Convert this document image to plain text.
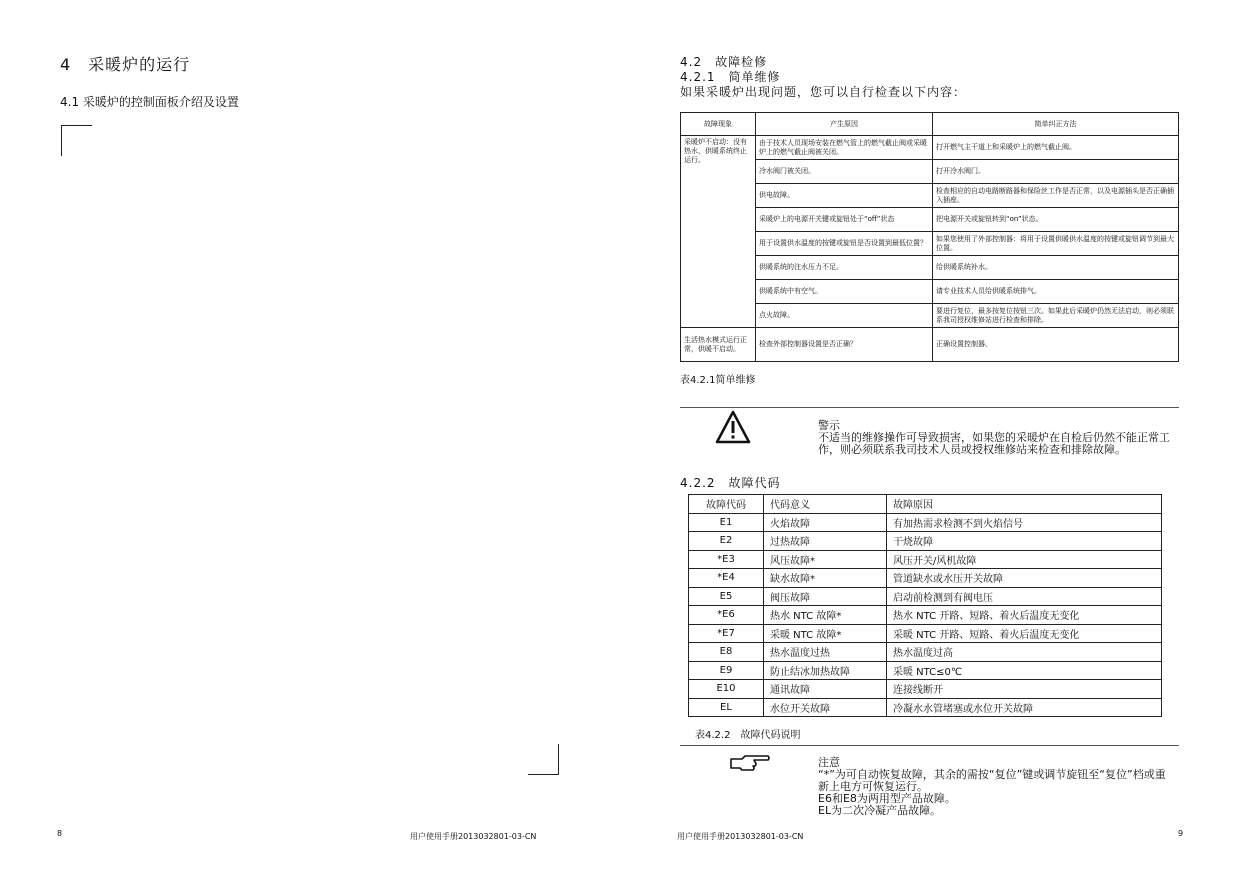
4　采暖炉的运行
4.1 采暖炉的控制面板介绍及设置
8	用户使用手册2013032801-03-CN
4.2　故障检修
4.2.1　简单维修
如果采暖炉出现问题，您可以自行检查以下内容：
故障现象	产生原因	简单纠正方法
采暖炉不启动：没有热水，供暖系统终止运行。	由于技术人员现场安装在燃气管上的燃气截止阀或采暖炉上的燃气截止阀被关闭。	打开燃气主干道上和采暖炉上的燃气截止阀。
	冷水阀门被关闭。	打开冷水阀门。
	供电故障。	检查相应的自动电路断路器和保险丝工作是否正常，以及电源插头是否正确插入插座。
	采暖炉上的电源开关键或旋钮处于“off”状态	把电源开关或旋钮转到“on”状态。
	用于设置供水温度的按键或旋钮是否设置到最低位置？	如果您使用了外部控制器：将用于设置供暖供水温度的按键或旋钮调节到最大位置。
	供暖系统的注水压力不足。	给供暖系统补水。
	供暖系统中有空气。	请专业技术人员给供暖系统排气。
	点火故障。	要进行复位，最多按复位按钮三次。如果此后采暖炉仍然无法启动，则必须联系我司授权维修站进行检查和排除。
生活热水模式运行正常，供暖不启动。	检查外部控制器设置是否正确？	正确设置控制器。
表4.2.1简单维修
警示
不适当的维修操作可导致损害，如果您的采暖炉在自检后仍然不能正常工作，则必须联系我司技术人员或授权维修站来检查和排除故障。
4.2.2　故障代码
故障代码	代码意义	故障原因
E1	火焰故障	有加热需求检测不到火焰信号
E2	过热故障	干烧故障
*E3	风压故障*	风压开关/风机故障
*E4	缺水故障*	管道缺水或水压开关故障
E5	阀压故障	启动前检测到有阀电压
*E6	热水 NTC 故障*	热水 NTC 开路、短路、着火后温度无变化
*E7	采暖 NTC 故障*	采暖 NTC 开路、短路、着火后温度无变化
E8	热水温度过热	热水温度过高
E9	防止结冰加热故障	采暖 NTC≤0℃
E10	通讯故障	连接线断开
EL	水位开关故障	冷凝水水管堵塞或水位开关故障
表4.2.2　故障代码说明
注意
“*”为可自动恢复故障，其余的需按“复位”键或调节旋钮至“复位”档或重新上电方可恢复运行。
E6和E8为两用型产品故障。
EL为二次冷凝产品故障。
用户使用手册2013032801-03-CN	9
